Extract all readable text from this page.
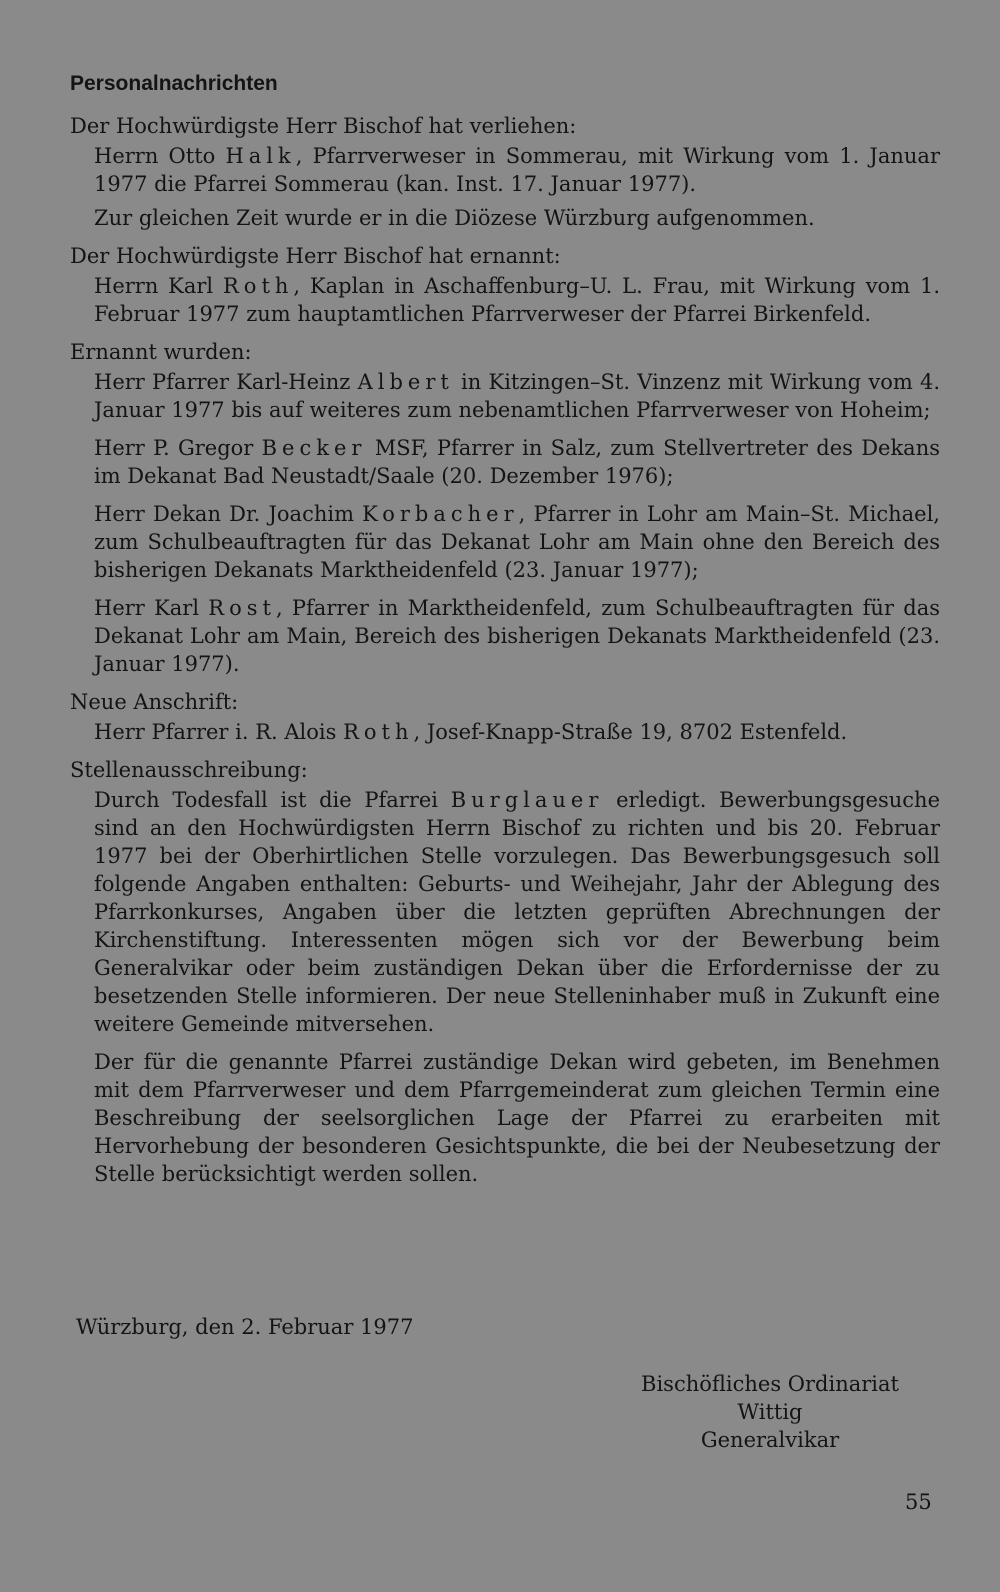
Personalnachrichten

Der Hochwürdigste Herr Bischof hat verliehen:

Herrn Otto Halk, Pfarrverweser in Sommerau, mit Wirkung vom 1. Januar 1977 die Pfarrei Sommerau (kan. Inst. 17. Januar 1977).

Zur gleichen Zeit wurde er in die Diözese Würzburg aufgenommen.

Der Hochwürdigste Herr Bischof hat ernannt:

Herrn Karl Roth, Kaplan in Aschaffenburg–U. L. Frau, mit Wirkung vom 1. Februar 1977 zum hauptamtlichen Pfarrverweser der Pfarrei Birkenfeld.

Ernannt wurden:

Herr Pfarrer Karl-Heinz Albert in Kitzingen–St. Vinzenz mit Wirkung vom 4. Januar 1977 bis auf weiteres zum nebenamtlichen Pfarrverweser von Hoheim;

Herr P. Gregor Becker MSF, Pfarrer in Salz, zum Stellvertreter des Dekans im Dekanat Bad Neustadt/Saale (20. Dezember 1976);

Herr Dekan Dr. Joachim Korbacher, Pfarrer in Lohr am Main–St. Michael, zum Schulbeauftragten für das Dekanat Lohr am Main ohne den Bereich des bisherigen Dekanats Marktheidenfeld (23. Januar 1977);

Herr Karl Rost, Pfarrer in Marktheidenfeld, zum Schulbeauftragten für das Dekanat Lohr am Main, Bereich des bisherigen Dekanats Marktheidenfeld (23. Januar 1977).

Neue Anschrift:

Herr Pfarrer i. R. Alois Roth, Josef-Knapp-Straße 19, 8702 Estenfeld.

Stellenausschreibung:

Durch Todesfall ist die Pfarrei Burglauer erledigt. Bewerbungsgesuche sind an den Hochwürdigsten Herrn Bischof zu richten und bis 20. Februar 1977 bei der Oberhirtlichen Stelle vorzulegen. Das Bewerbungsgesuch soll folgende Angaben enthalten: Geburts- und Weihejahr, Jahr der Ablegung des Pfarrkonkurses, Angaben über die letzten geprüften Abrechnungen der Kirchenstiftung. Interessenten mögen sich vor der Bewerbung beim Generalvikar oder beim zuständigen Dekan über die Erfordernisse der zu besetzenden Stelle informieren. Der neue Stelleninhaber muß in Zukunft eine weitere Gemeinde mitversehen.

Der für die genannte Pfarrei zuständige Dekan wird gebeten, im Benehmen mit dem Pfarrverweser und dem Pfarrgemeinderat zum gleichen Termin eine Beschreibung der seelsorglichen Lage der Pfarrei zu erarbeiten mit Hervorhebung der besonderen Gesichtspunkte, die bei der Neubesetzung der Stelle berücksichtigt werden sollen.

Würzburg, den 2. Februar 1977

Bischöfliches Ordinariat
Wittig
Generalvikar

55
